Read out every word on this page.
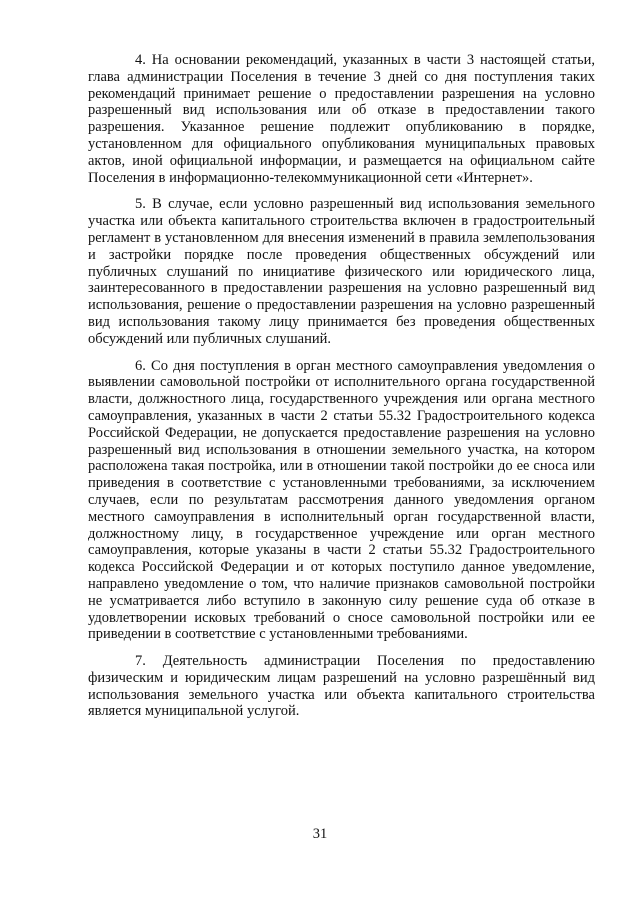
4. На основании рекомендаций, указанных в части 3 настоящей статьи, глава администрации Поселения в течение 3 дней со дня поступления таких рекомендаций принимает решение о предоставлении разрешения на условно разрешенный вид использования или об отказе в предоставлении такого разрешения. Указанное решение подлежит опубликованию в порядке, установленном для официального опубликования муниципальных правовых актов, иной официальной информации, и размещается на официальном сайте Поселения в информационно-телекоммуникационной сети «Интернет».

5. В случае, если условно разрешенный вид использования земельного участка или объекта капитального строительства включен в градостроительный регламент в установленном для внесения изменений в правила землепользования и застройки порядке после проведения общественных обсуждений или публичных слушаний по инициативе физического или юридического лица, заинтересованного в предоставлении разрешения на условно разрешенный вид использования, решение о предоставлении разрешения на условно разрешенный вид использования такому лицу принимается без проведения общественных обсуждений или публичных слушаний.

6. Со дня поступления в орган местного самоуправления уведомления о выявлении самовольной постройки от исполнительного органа государственной власти, должностного лица, государственного учреждения или органа местного самоуправления, указанных в части 2 статьи 55.32 Градостроительного кодекса Российской Федерации, не допускается предоставление разрешения на условно разрешенный вид использования в отношении земельного участка, на котором расположена такая постройка, или в отношении такой постройки до ее сноса или приведения в соответствие с установленными требованиями, за исключением случаев, если по результатам рассмотрения данного уведомления органом местного самоуправления в исполнительный орган государственной власти, должностному лицу, в государственное учреждение или орган местного самоуправления, которые указаны в части 2 статьи 55.32 Градостроительного кодекса Российской Федерации и от которых поступило данное уведомление, направлено уведомление о том, что наличие признаков самовольной постройки не усматривается либо вступило в законную силу решение суда об отказе в удовлетворении исковых требований о сносе самовольной постройки или ее приведении в соответствие с установленными требованиями.

7. Деятельность администрации Поселения по предоставлению физическим и юридическим лицам разрешений на условно разрешённый вид использования земельного участка или объекта капитального строительства является муниципальной услугой.

31
